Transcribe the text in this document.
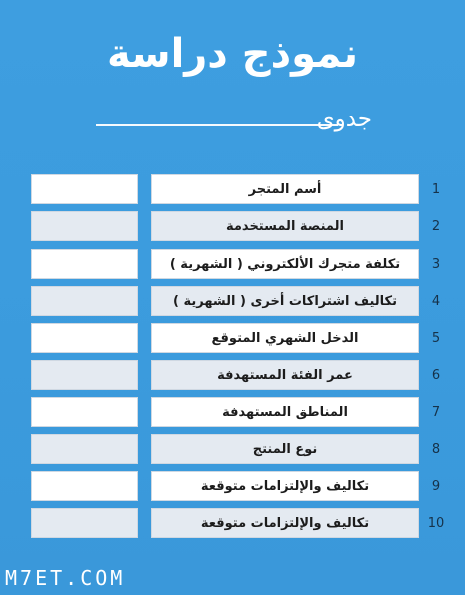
نموذج دراسة
جدوى
أسم المتجر	1
المنصة المستخدمة	2
تكلفة متجرك الألكتروني ( الشهرية )	3
تكاليف اشتراكات أخرى ( الشهرية )	4
الدخل الشهري المتوقع	5
عمر الفئة المستهدفة	6
المناطق المستهدفة	7
نوع المنتج	8
تكاليف والإلتزامات متوقعة	9
تكاليف والإلتزامات متوقعة	10
M7ET.COM
